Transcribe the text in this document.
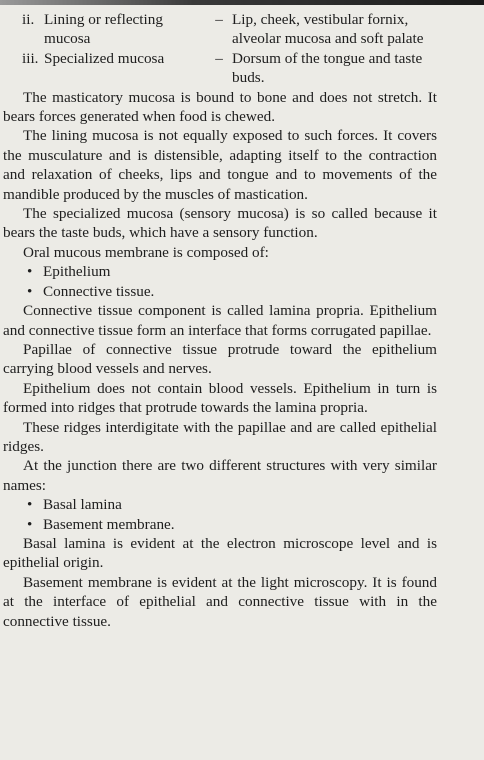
ii. Lining or reflecting mucosa
– Lip, cheek, vestibular fornix, alveolar mucosa and soft palate
iii. Specialized mucosa	– Dorsum of the tongue and taste buds.

The masticatory mucosa is bound to bone and does not stretch. It bears forces generated when food is chewed.

The lining mucosa is not equally exposed to such forces. It covers the musculature and is distensible, adapting itself to the contraction and relaxation of cheeks, lips and tongue and to movements of the mandible produced by the muscles of mastication.

The specialized mucosa (sensory mucosa) is so called because it bears the taste buds, which have a sensory function.

Oral mucous membrane is composed of:

• Epithelium
• Connective tissue.

Connective tissue component is called lamina propria. Epithelium and connective tissue form an interface that forms corrugated papillae.

Papillae of connective tissue protrude toward the epithelium carrying blood vessels and nerves.

Epithelium does not contain blood vessels. Epithelium in turn is formed into ridges that protrude towards the lamina propria.

These ridges interdigitate with the papillae and are called epithelial ridges.

At the junction there are two different structures with very similar names:

• Basal lamina
• Basement membrane.

Basal lamina is evident at the electron microscope level and is epithelial origin.

Basement membrane is evident at the light microscopy. It is found at the interface of epithelial and connective tissue with in the connective tissue.
